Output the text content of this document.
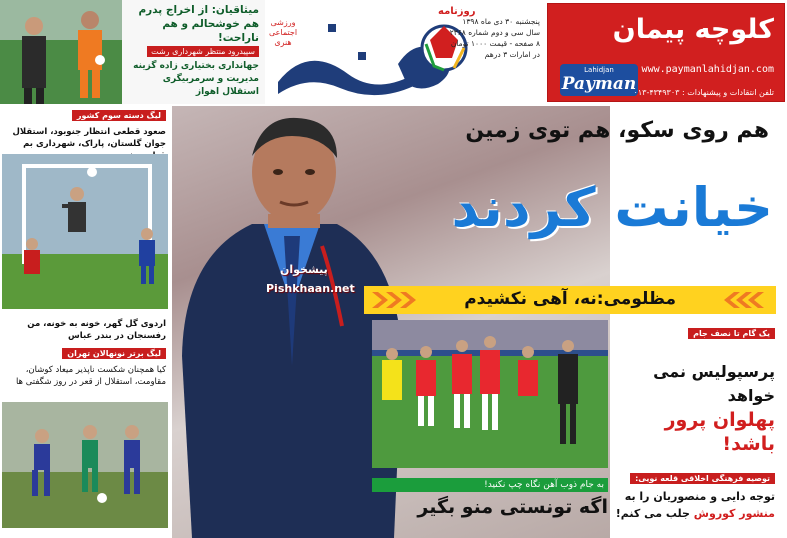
میثاقیان: از اخراج پدرم هم خوشحالم و هم ناراحت!
سپیدرود منتظر شهرداری رشت
جهانداری بختیاری زاده گزینه مدیریت و سرمربیگری استقلال اهواز
روزنامه
ورزشی اجتماعی هنری
پنجشنبه ۳۰ دی ماه ۱۳۹۸
سال سی و دوم شماره ۲۳۶۸
۸ صفحه - قیمت ۱۰۰۰ تومان
در امارات ۳ درهم
کلوچه پیمان
Lahidjan
Payman
www.paymanlahidjan.com
تلفن انتقادات و پیشنهادات : ۴۳۴۹۳۰۳-۰۱۳
لیگ دسته سوم کشور
صعود قطعی انتظار جنوبود، استقلال جوان گلستان، پاراک، شهرداری بم
اردوی گل گهر، خونه به خونه، من رفسنجان در بندر عباس
لیگ برتر نونهالان تهران
کیا همچنان شکست ناپذیر میعاد کوشان، مقاومت، استقلال از قعر در روز شگفتی ها
پیشخوان
Pishkhaan.net
هم روی سکو، هم توی زمین
خیانت کردند
مظلومی:نه، آهی نکشیدم
یک گام تا نصف جام
پرسپولیس نمی خواهد
پهلوان پرور
باشد!
به جام ذوب آهن نگاه چپ نکنید!
اگه تونستی منو بگیر
توصیه فرهنگی اخلاقی قلعه نویی:
توجه دایی و منصوریان را به
منشور کوروش جلب می کنم!
